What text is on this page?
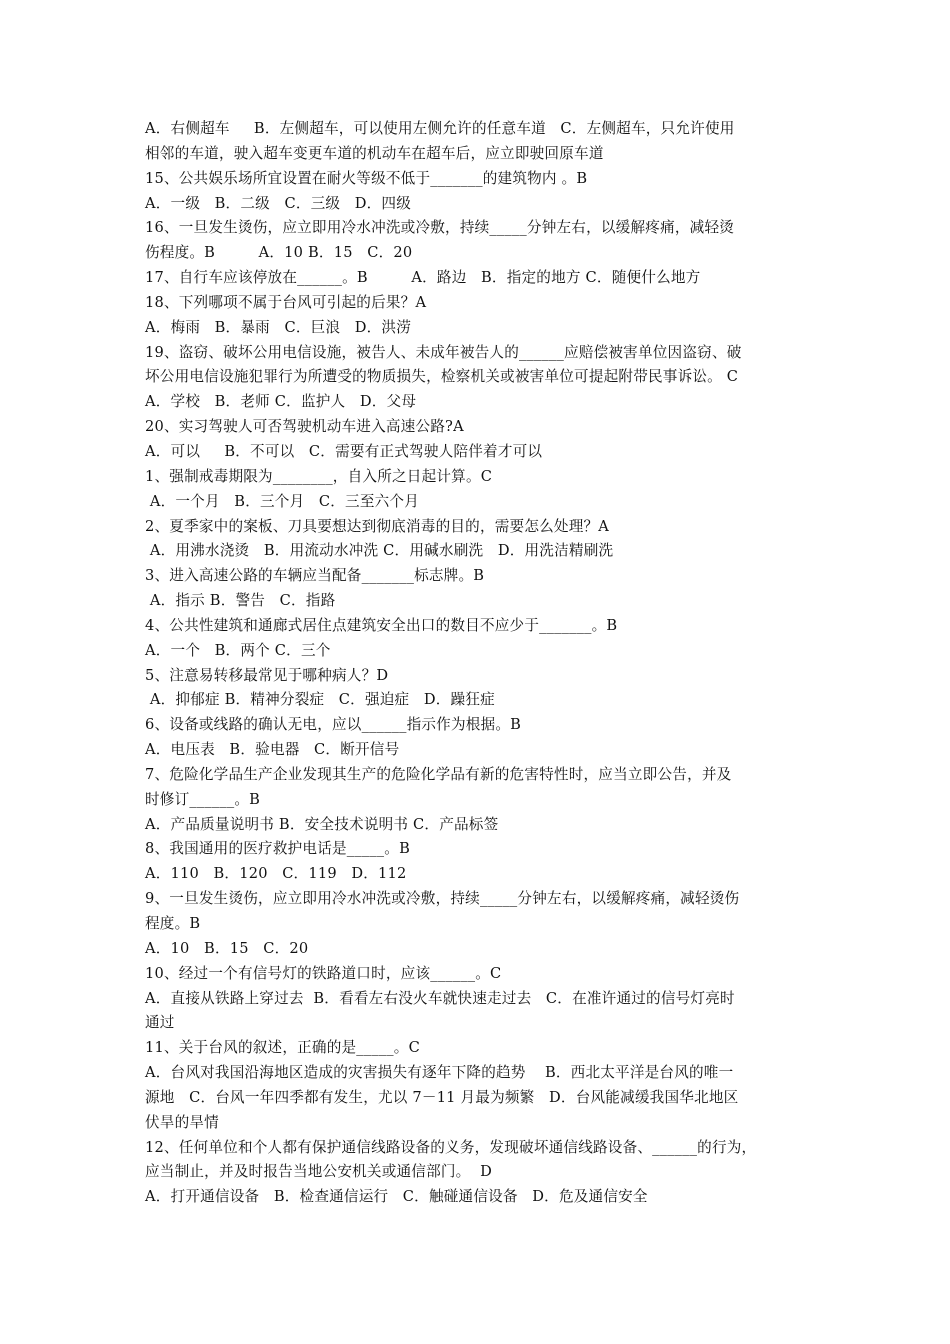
A．右侧超车     B．左侧超车，可以使用左侧允许的任意车道   C．左侧超车，只允许使用
相邻的车道，驶入超车变更车道的机动车在超车后，应立即驶回原车道
15、公共娱乐场所宜设置在耐火等级不低于_______的建筑物内 。B
A．一级   B．二级   C．三级   D．四级
16、一旦发生烫伤，应立即用冷水冲洗或冷敷，持续_____分钟左右，以缓解疼痛，减轻烫
伤程度。B         A．10 B．15   C．20
17、自行车应该停放在______。B         A．路边   B．指定的地方 C．随便什么地方
18、下列哪项不属于台风可引起的后果？A
A．梅雨   B．暴雨   C．巨浪   D．洪涝
19、盗窃、破坏公用电信设施，被告人、未成年被告人的______应赔偿被害单位因盗窃、破
坏公用电信设施犯罪行为所遭受的物质损失，检察机关或被害单位可提起附带民事诉讼。 C
A．学校   B．老师 C．监护人   D．父母
20、实习驾驶人可否驾驶机动车进入高速公路?A
A．可以     B．不可以   C．需要有正式驾驶人陪伴着才可以
1、强制戒毒期限为________，自入所之日起计算。C
A．一个月   B．三个月   C．三至六个月
2、夏季家中的案板、刀具要想达到彻底消毒的目的，需要怎么处理？A
A．用沸水浇烫   B．用流动水冲洗 C．用碱水刷洗   D．用洗洁精刷洗
3、进入高速公路的车辆应当配备_______标志牌。B
A．指示 B．警告   C．指路
4、公共性建筑和通廊式居住点建筑安全出口的数目不应少于_______。B
A．一个   B．两个 C．三个
5、注意易转移最常见于哪种病人？D
A．抑郁症 B．精神分裂症   C．强迫症   D．躁狂症
6、设备或线路的确认无电，应以______指示作为根据。B
A．电压表   B．验电器   C．断开信号
7、危险化学品生产企业发现其生产的危险化学品有新的危害特性时，应当立即公告，并及
时修订______。B
A．产品质量说明书 B．安全技术说明书 C．产品标签
8、我国通用的医疗救护电话是_____。B
A．110   B．120   C．119   D．112
9、一旦发生烫伤，应立即用冷水冲洗或冷敷，持续_____分钟左右，以缓解疼痛，减轻烫伤
程度。B
A．10   B．15   C．20
10、经过一个有信号灯的铁路道口时，应该______。C
A．直接从铁路上穿过去  B．看看左右没火车就快速走过去   C．在准许通过的信号灯亮时
通过
11、关于台风的叙述，正确的是_____。C
A．台风对我国沿海地区造成的灾害损失有逐年下降的趋势    B．西北太平洋是台风的唯一
源地   C．台风一年四季都有发生，尤以 7－11 月最为频繁   D．台风能减缓我国华北地区
伏旱的旱情
12、任何单位和个人都有保护通信线路设备的义务，发现破坏通信线路设备、______的行为，
应当制止，并及时报告当地公安机关或通信部门。  D
A．打开通信设备   B．检查通信运行   C．触碰通信设备   D．危及通信安全
